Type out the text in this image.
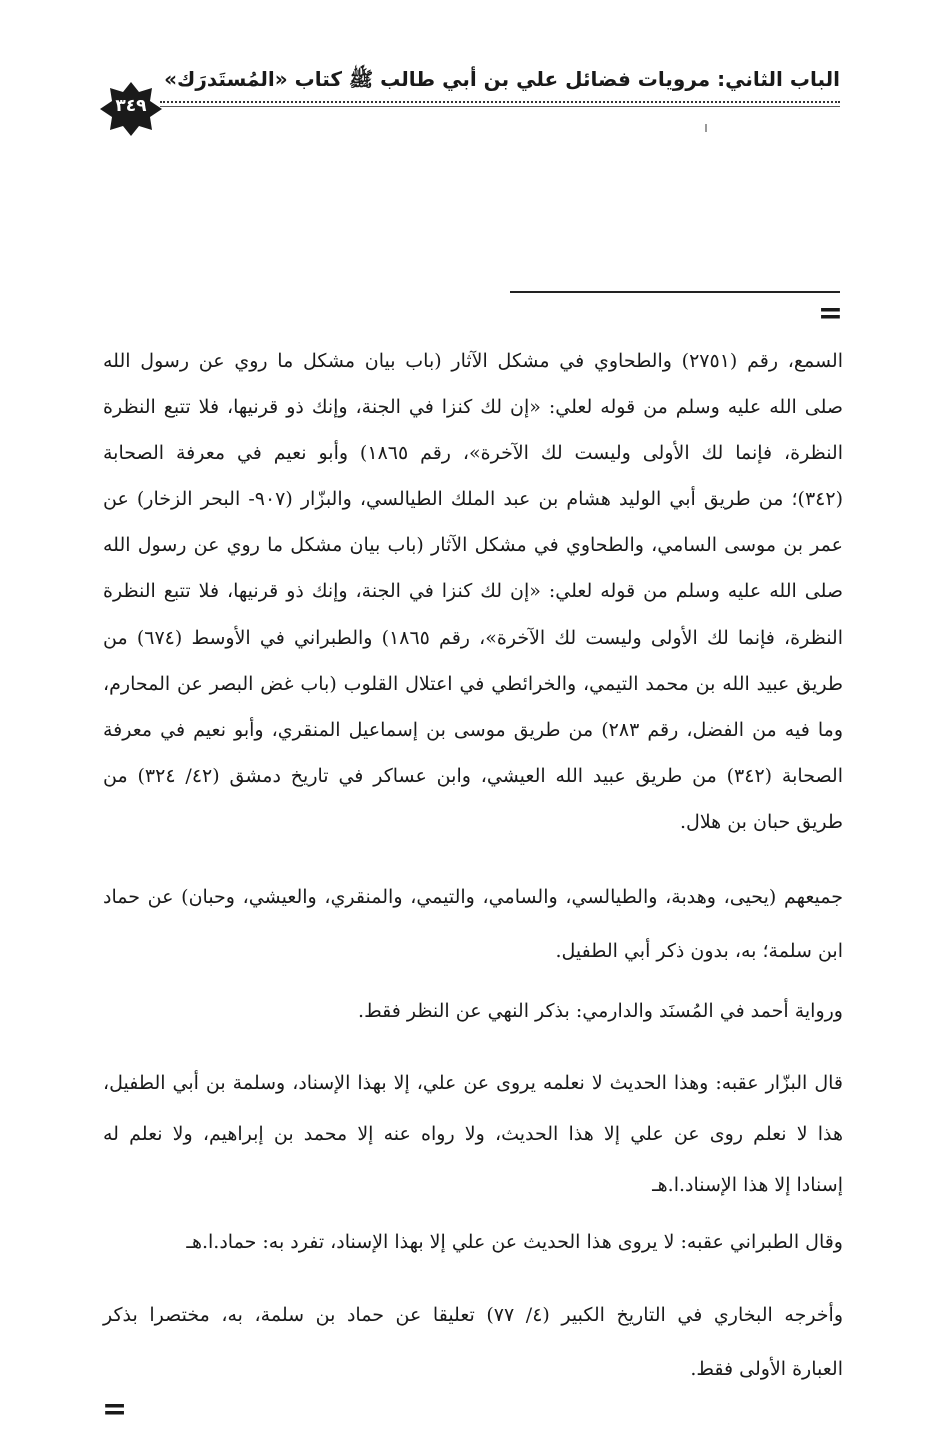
الباب الثاني: مرويات فضائل علي بن أبي طالب ﷺ كتاب «المُستَدرَك»
٣٤٩
=
السمع، رقم (٢٧٥١) والطحاوي في مشكل الآثار (باب بيان مشكل ما روي عن رسول الله
صلى الله عليه وسلم من قوله لعلي: «إن لك كنزا في الجنة، وإنك ذو قرنيها، فلا تتبع النظرة
النظرة، فإنما لك الأولى وليست لك الآخرة»، رقم ١٨٦٥) وأبو نعيم في معرفة الصحابة
(٣٤٢)؛ من طريق أبي الوليد هشام بن عبد الملك الطيالسي، والبزّار (٩٠٧- البحر الزخار) عن
عمر بن موسى السامي، والطحاوي في مشكل الآثار (باب بيان مشكل ما روي عن رسول الله
صلى الله عليه وسلم من قوله لعلي: «إن لك كنزا في الجنة، وإنك ذو قرنيها، فلا تتبع النظرة
النظرة، فإنما لك الأولى وليست لك الآخرة»، رقم ١٨٦٥) والطبراني في الأوسط (٦٧٤) من
طريق عبيد الله بن محمد التيمي، والخرائطي في اعتلال القلوب (باب غض البصر عن المحارم،
وما فيه من الفضل، رقم ٢٨٣) من طريق موسى بن إسماعيل المنقري، وأبو نعيم في معرفة
الصحابة (٣٤٢) من طريق عبيد الله العيشي، وابن عساكر في تاريخ دمشق (٤٢/ ٣٢٤) من
طريق حبان بن هلال.
جميعهم (يحيى، وهدبة، والطيالسي، والسامي، والتيمي، والمنقري، والعيشي، وحبان) عن حماد
ابن سلمة؛ به، بدون ذكر أبي الطفيل.
ورواية أحمد في المُسنَد والدارمي: بذكر النهي عن النظر فقط.
قال البزّار عقبه: وهذا الحديث لا نعلمه يروى عن علي، إلا بهذا الإسناد، وسلمة بن أبي الطفيل،
هذا لا نعلم روى عن علي إلا هذا الحديث، ولا رواه عنه إلا محمد بن إبراهيم، ولا نعلم له
إسنادا إلا هذا الإسناد.ا.هـ
وقال الطبراني عقبه: لا يروى هذا الحديث عن علي إلا بهذا الإسناد، تفرد به: حماد.ا.هـ
وأخرجه البخاري في التاريخ الكبير (٤/ ٧٧) تعليقا عن حماد بن سلمة، به، مختصرا بذكر
العبارة الأولى فقط.
=
